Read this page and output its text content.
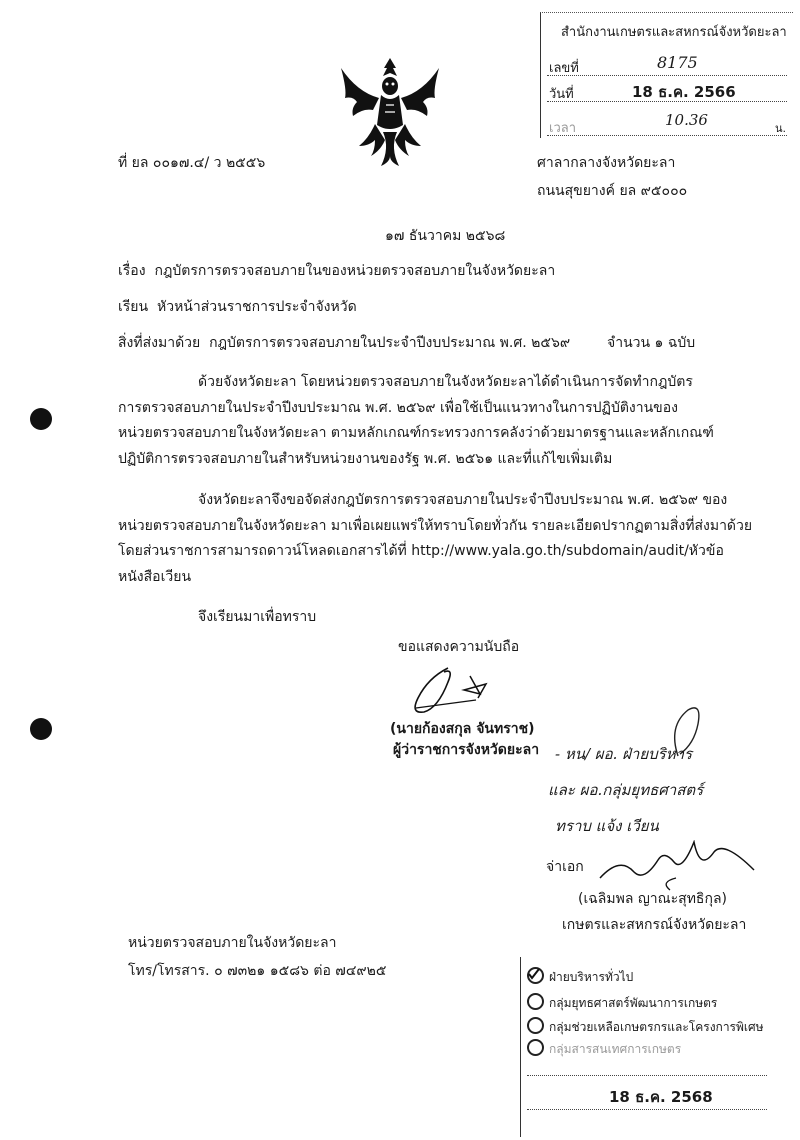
สำนักงานเกษตรและสหกรณ์จังหวัดยะลา
เลขที่	8175
วันที่	18 ธ.ค. 2566
เวลา	10.36	น.
ที่ ยล ๐๐๑๗.๔/ ว ๒๕๕๖	ศาลากลางจังหวัดยะลา
ถนนสุขยางค์ ยล ๙๕๐๐๐
๑๗ ธันวาคม ๒๕๖๘
เรื่อง กฎบัตรการตรวจสอบภายในของหน่วยตรวจสอบภายในจังหวัดยะลา
เรียน หัวหน้าส่วนราชการประจำจังหวัด
สิ่งที่ส่งมาด้วย กฎบัตรการตรวจสอบภายในประจำปีงบประมาณ พ.ศ. ๒๕๖๙	จำนวน ๑ ฉบับ
ด้วยจังหวัดยะลา โดยหน่วยตรวจสอบภายในจังหวัดยะลาได้ดำเนินการจัดทำกฎบัตร
การตรวจสอบภายในประจำปีงบประมาณ พ.ศ. ๒๕๖๙ เพื่อใช้เป็นแนวทางในการปฏิบัติงานของ
หน่วยตรวจสอบภายในจังหวัดยะลา ตามหลักเกณฑ์กระทรวงการคลังว่าด้วยมาตรฐานและหลักเกณฑ์
ปฏิบัติการตรวจสอบภายในสำหรับหน่วยงานของรัฐ พ.ศ. ๒๕๖๑ และที่แก้ไขเพิ่มเติม
จังหวัดยะลาจึงขอจัดส่งกฎบัตรการตรวจสอบภายในประจำปีงบประมาณ พ.ศ. ๒๕๖๙ ของ
หน่วยตรวจสอบภายในจังหวัดยะลา มาเพื่อเผยแพร่ให้ทราบโดยทั่วกัน รายละเอียดปรากฏตามสิ่งที่ส่งมาด้วย
โดยส่วนราชการสามารถดาวน์โหลดเอกสารได้ที่ http://www.yala.go.th/subdomain/audit/หัวข้อ
หนังสือเวียน
จึงเรียนมาเพื่อทราบ
ขอแสดงความนับถือ
(นายก้องสกุล จันทราช)
ผู้ว่าราชการจังหวัดยะลา - หน/ ผอ. ฝ่ายบริหาร
และ ผอ.กลุ่มยุทธศาสตร์
ทราบ แจ้ง เวียน
จ่าเอก
(เฉลิมพล ญาณะสุทธิกุล)
เกษตรและสหกรณ์จังหวัดยะลา
หน่วยตรวจสอบภายในจังหวัดยะลา
โทร/โทรสาร. ๐ ๗๓๒๑ ๑๕๘๖ ต่อ ๗๔๙๒๕	ฝ่ายบริหารทั่วไป
กลุ่มยุทธศาสตร์พัฒนาการเกษตร
กลุ่มช่วยเหลือเกษตรกรและโครงการพิเศษ
กลุ่มสารสนเทศการเกษตร
18 ธ.ค. 2568
